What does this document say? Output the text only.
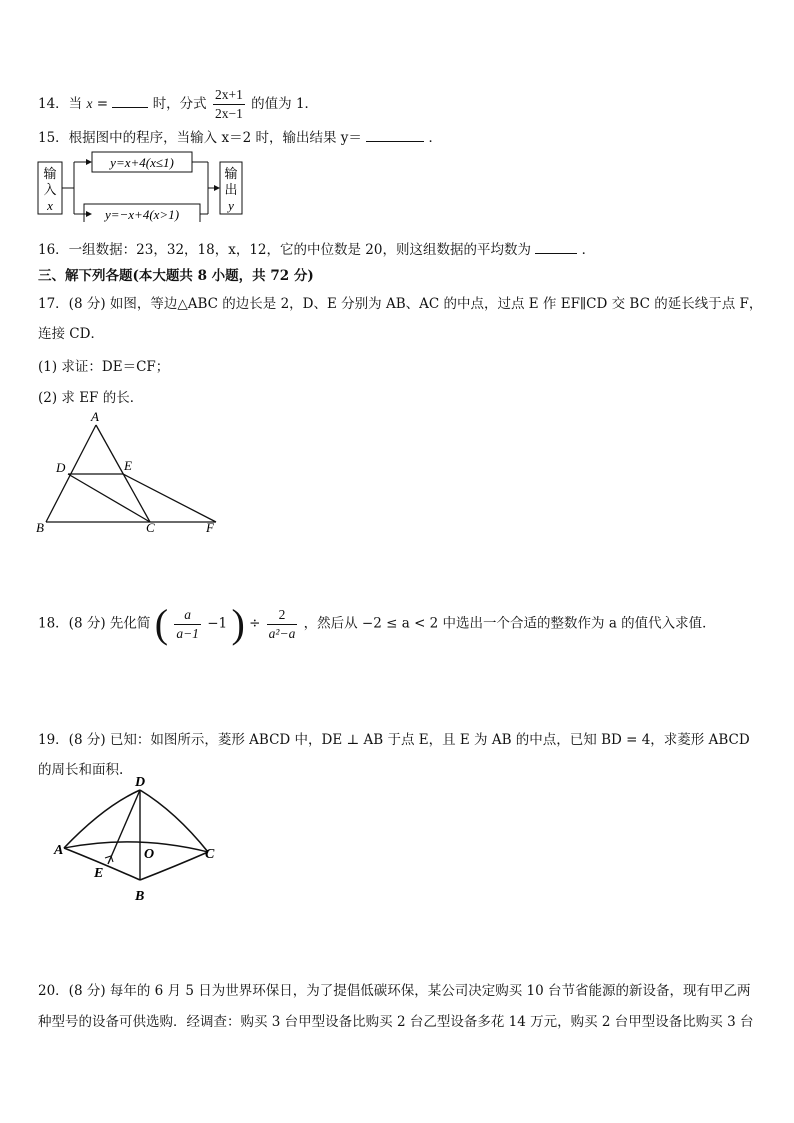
14．当 x =	时，分式 $\frac{2x+1}{2x-1}$ 的值为 1．
15．根据图中的程序，当输入 x＝2 时，输出结果 y＝	．
输
入
x
y=x+4(x≤1)
y=−x+4(x>1)
输
出
y
16．一组数据：23，32，18，x，12，它的中位数是 20，则这组数据的平均数为	．
三、解下列各题(本大题共 8 小题，共 72 分)
17．(8 分) 如图，等边△ABC 的边长是 2，D、E 分别为 AB、AC 的中点，过点 E 作 EF∥CD 交 BC 的延长线于点 F，
连接 CD．
(1) 求证：DE＝CF；
(2) 求 EF 的长．
A
D	E
B	C	F
18．(8 分) 先化简 ( $\frac{a}{a-1} -1$ ) ÷ $\frac{2}{\text{a²−a}}$ ，然后从 −2 ≤ a < 2 中选出一个合适的整数作为 a 的值代入求值．
19．(8 分) 已知：如图所示，菱形 ABCD 中，DE ⊥ AB 于点 E，且 E 为 AB 的中点，已知 BD = 4，求菱形 ABCD
的周长和面积.
D
A	O	C
E
B
20．(8 分) 每年的 6 月 5 日为世界环保日，为了提倡低碳环保，某公司决定购买 10 台节省能源的新设备，现有甲乙两
种型号的设备可供选购．经调查：购买 3 台甲型设备比购买 2 台乙型设备多花 14 万元，购买 2 台甲型设备比购买 3 台
